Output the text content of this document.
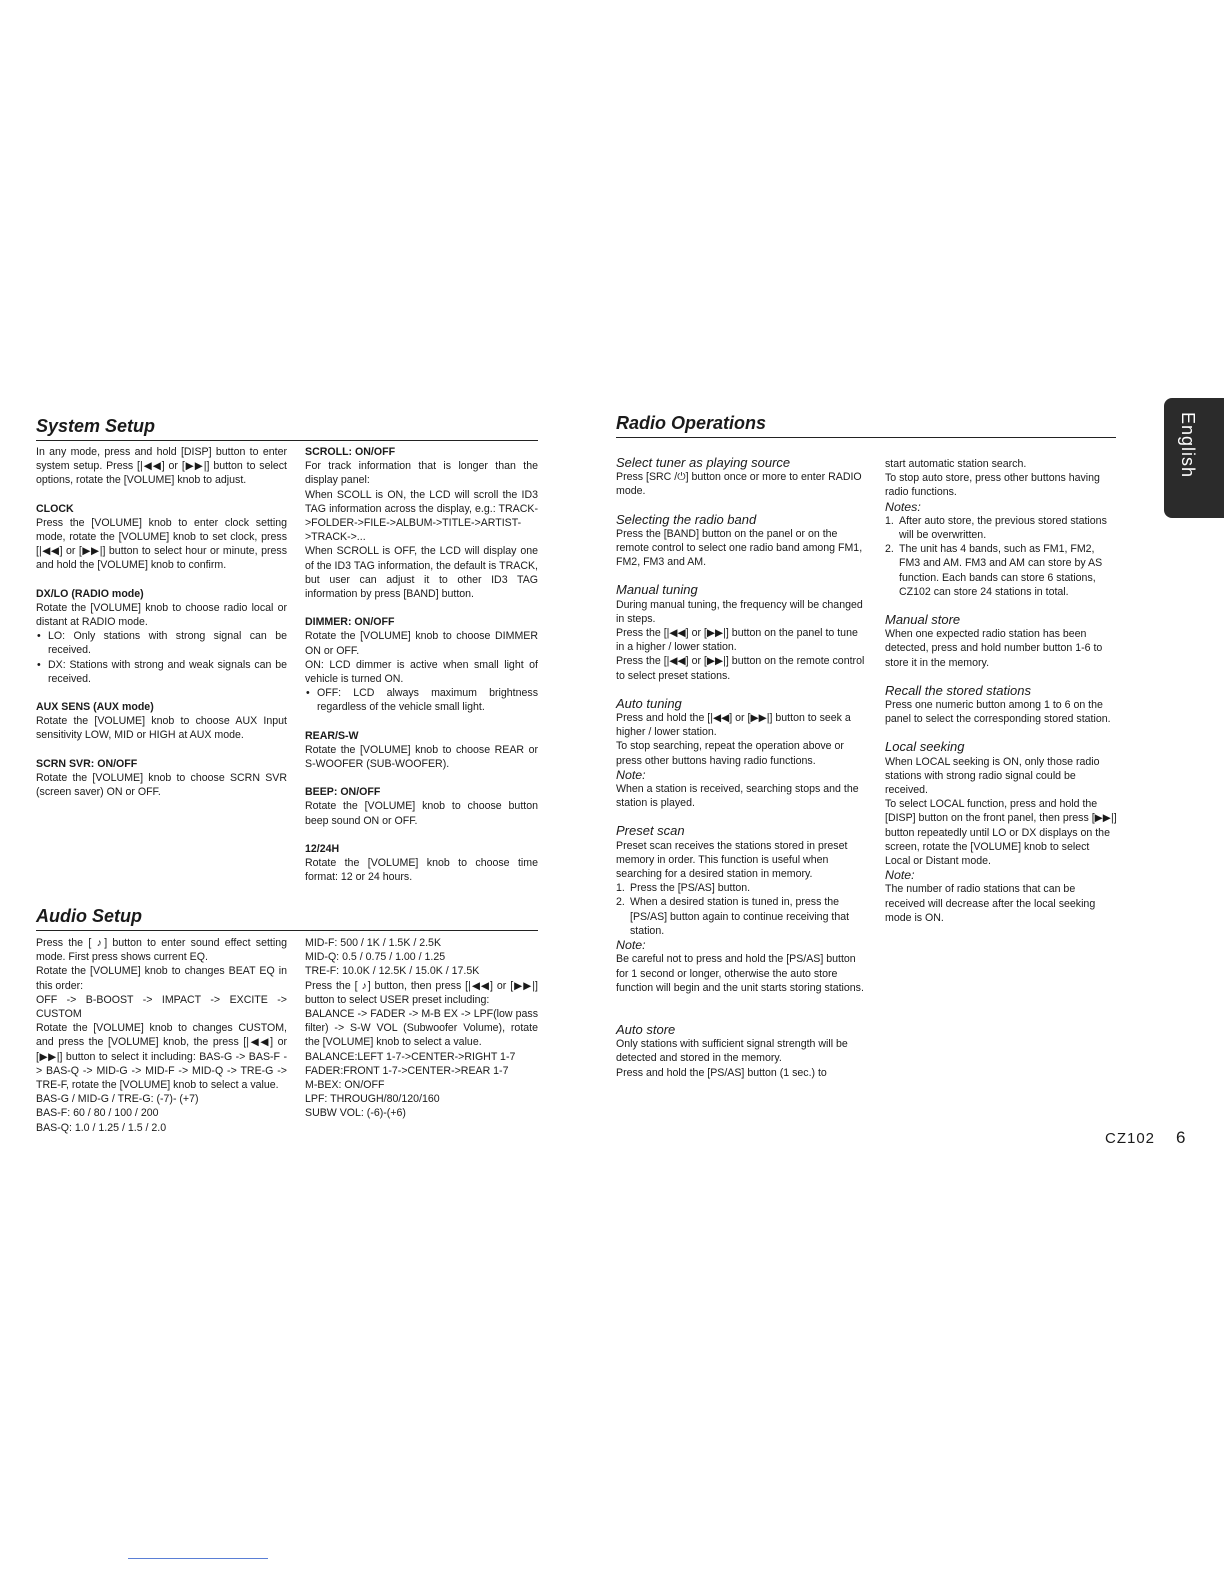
System Setup

In any mode, press and hold [DISP] button to enter system setup. Press [|◀◀] or [▶▶|] button to select options, rotate the [VOLUME] knob to adjust.

CLOCK

Press the [VOLUME] knob to enter clock setting mode, rotate the [VOLUME] knob to set clock, press [|◀◀] or [▶▶|] button to select hour or minute, press and hold the [VOLUME] knob to confirm.

DX/LO (RADIO mode)

Rotate the [VOLUME] knob to choose radio local or distant at RADIO mode.

• LO: Only stations with strong signal can be received.
• DX: Stations with strong and weak signals can be received.

AUX SENS (AUX mode)

Rotate the [VOLUME] knob to choose AUX Input sensitivity LOW, MID or HIGH at AUX mode.

SCRN SVR: ON/OFF

Rotate the [VOLUME] knob to choose SCRN SVR (screen saver) ON or OFF.

SCROLL: ON/OFF

For track information that is longer than the display panel:

When SCOLL is ON, the LCD will scroll the ID3 TAG information across the display, e.g.: TRACK->FOLDER->FILE->ALBUM->TITLE->ARTIST->TRACK->...

When SCROLL is OFF, the LCD will display one of the ID3 TAG information, the default is TRACK, but user can adjust it to other ID3 TAG information by press [BAND] button.

DIMMER: ON/OFF

Rotate the [VOLUME] knob to choose DIMMER ON or OFF.

ON: LCD dimmer is active when small light of vehicle is turned ON.

• OFF: LCD always maximum brightness regardless of the vehicle small light.

REAR/S-W

Rotate the [VOLUME] knob to choose REAR or S-WOOFER (SUB-WOOFER).

BEEP: ON/OFF

Rotate the [VOLUME] knob to choose button beep sound ON or OFF.

12/24H

Rotate the [VOLUME] knob to choose time format: 12 or 24 hours.

Audio Setup

Press the [ ♪] button to enter sound effect setting mode. First press shows current EQ.

Rotate the [VOLUME] knob to changes BEAT EQ in this order:

OFF -> B-BOOST -> IMPACT -> EXCITE -> CUSTOM

Rotate the [VOLUME] knob to changes CUSTOM, and press the [VOLUME] knob, the press [|◀◀] or [▶▶|] button to select it including: BAS-G -> BAS-F -> BAS-Q -> MID-G -> MID-F -> MID-Q -> TRE-G -> TRE-F, rotate the [VOLUME] knob to select a value.

BAS-G / MID-G / TRE-G: (-7)- (+7)

BAS-F: 60 / 80 / 100 / 200

BAS-Q: 1.0 / 1.25 / 1.5 / 2.0

MID-F: 500 / 1K / 1.5K / 2.5K

MID-Q: 0.5 / 0.75 / 1.00 / 1.25

TRE-F: 10.0K / 12.5K / 15.0K / 17.5K

Press the [ ♪] button, then press [|◀◀] or [▶▶|] button to select USER preset including:

BALANCE -> FADER -> M-B EX -> LPF(low pass filter) -> S-W VOL (Subwoofer Volume), rotate the [VOLUME] knob to select a value.

BALANCE:LEFT 1-7->CENTER->RIGHT 1-7

FADER:FRONT 1-7->CENTER->REAR 1-7

M-BEX: ON/OFF

LPF: THROUGH/80/120/160

SUBW VOL: (-6)-(+6)

Radio Operations

Select tuner as playing source

Press [SRC /⏻] button once or more to enter RADIO mode.

Selecting the radio band

Press the [BAND] button on the panel or on the remote control to select one radio band among FM1, FM2, FM3 and AM.

Manual tuning

During manual tuning, the frequency will be changed in steps.

Press the [|◀◀] or [▶▶|] button on the panel to tune in a higher / lower station.

Press the [|◀◀] or [▶▶|] button on the remote control to select preset stations.

Auto tuning

Press and hold the [|◀◀] or [▶▶|] button to seek a higher / lower station.

To stop searching, repeat the operation above or press other buttons having radio functions.

Note:

When a station is received, searching stops and the station is played.

Preset scan

Preset scan receives the stations stored in preset memory in order. This function is useful when searching for a desired station in memory.

1. Press the [PS/AS] button.
2. When a desired station is tuned in, press the [PS/AS] button again to continue receiving that station.

Note:

Be careful not to press and hold the [PS/AS] button for 1 second or longer, otherwise the auto store function will begin and the unit starts storing stations.

Auto store

Only stations with sufficient signal strength will be detected and stored in the memory.

Press and hold the [PS/AS] button (1 sec.) to

start automatic station search.

To stop auto store, press other buttons having radio functions.

Notes:

1. After auto store, the previous stored stations will be overwritten.
2. The unit has 4 bands, such as FM1, FM2, FM3 and AM. FM3 and AM can store by AS function. Each bands can store 6 stations, CZ102 can store 24 stations in total.

Manual store

When one expected radio station has been detected, press and hold number button 1-6 to store it in the memory.

Recall the stored stations

Press one numeric button among 1 to 6 on the panel to select the corresponding stored station.

Local seeking

When LOCAL seeking is ON, only those radio stations with strong radio signal could be received.

To select LOCAL function, press and hold the [DISP] button on the front panel, then press [▶▶|] button repeatedly until LO or DX displays on the screen, rotate the [VOLUME] knob to select Local or Distant mode.

Note:

The number of radio stations that can be received will decrease after the local seeking mode is ON.

English
CZ102 6
